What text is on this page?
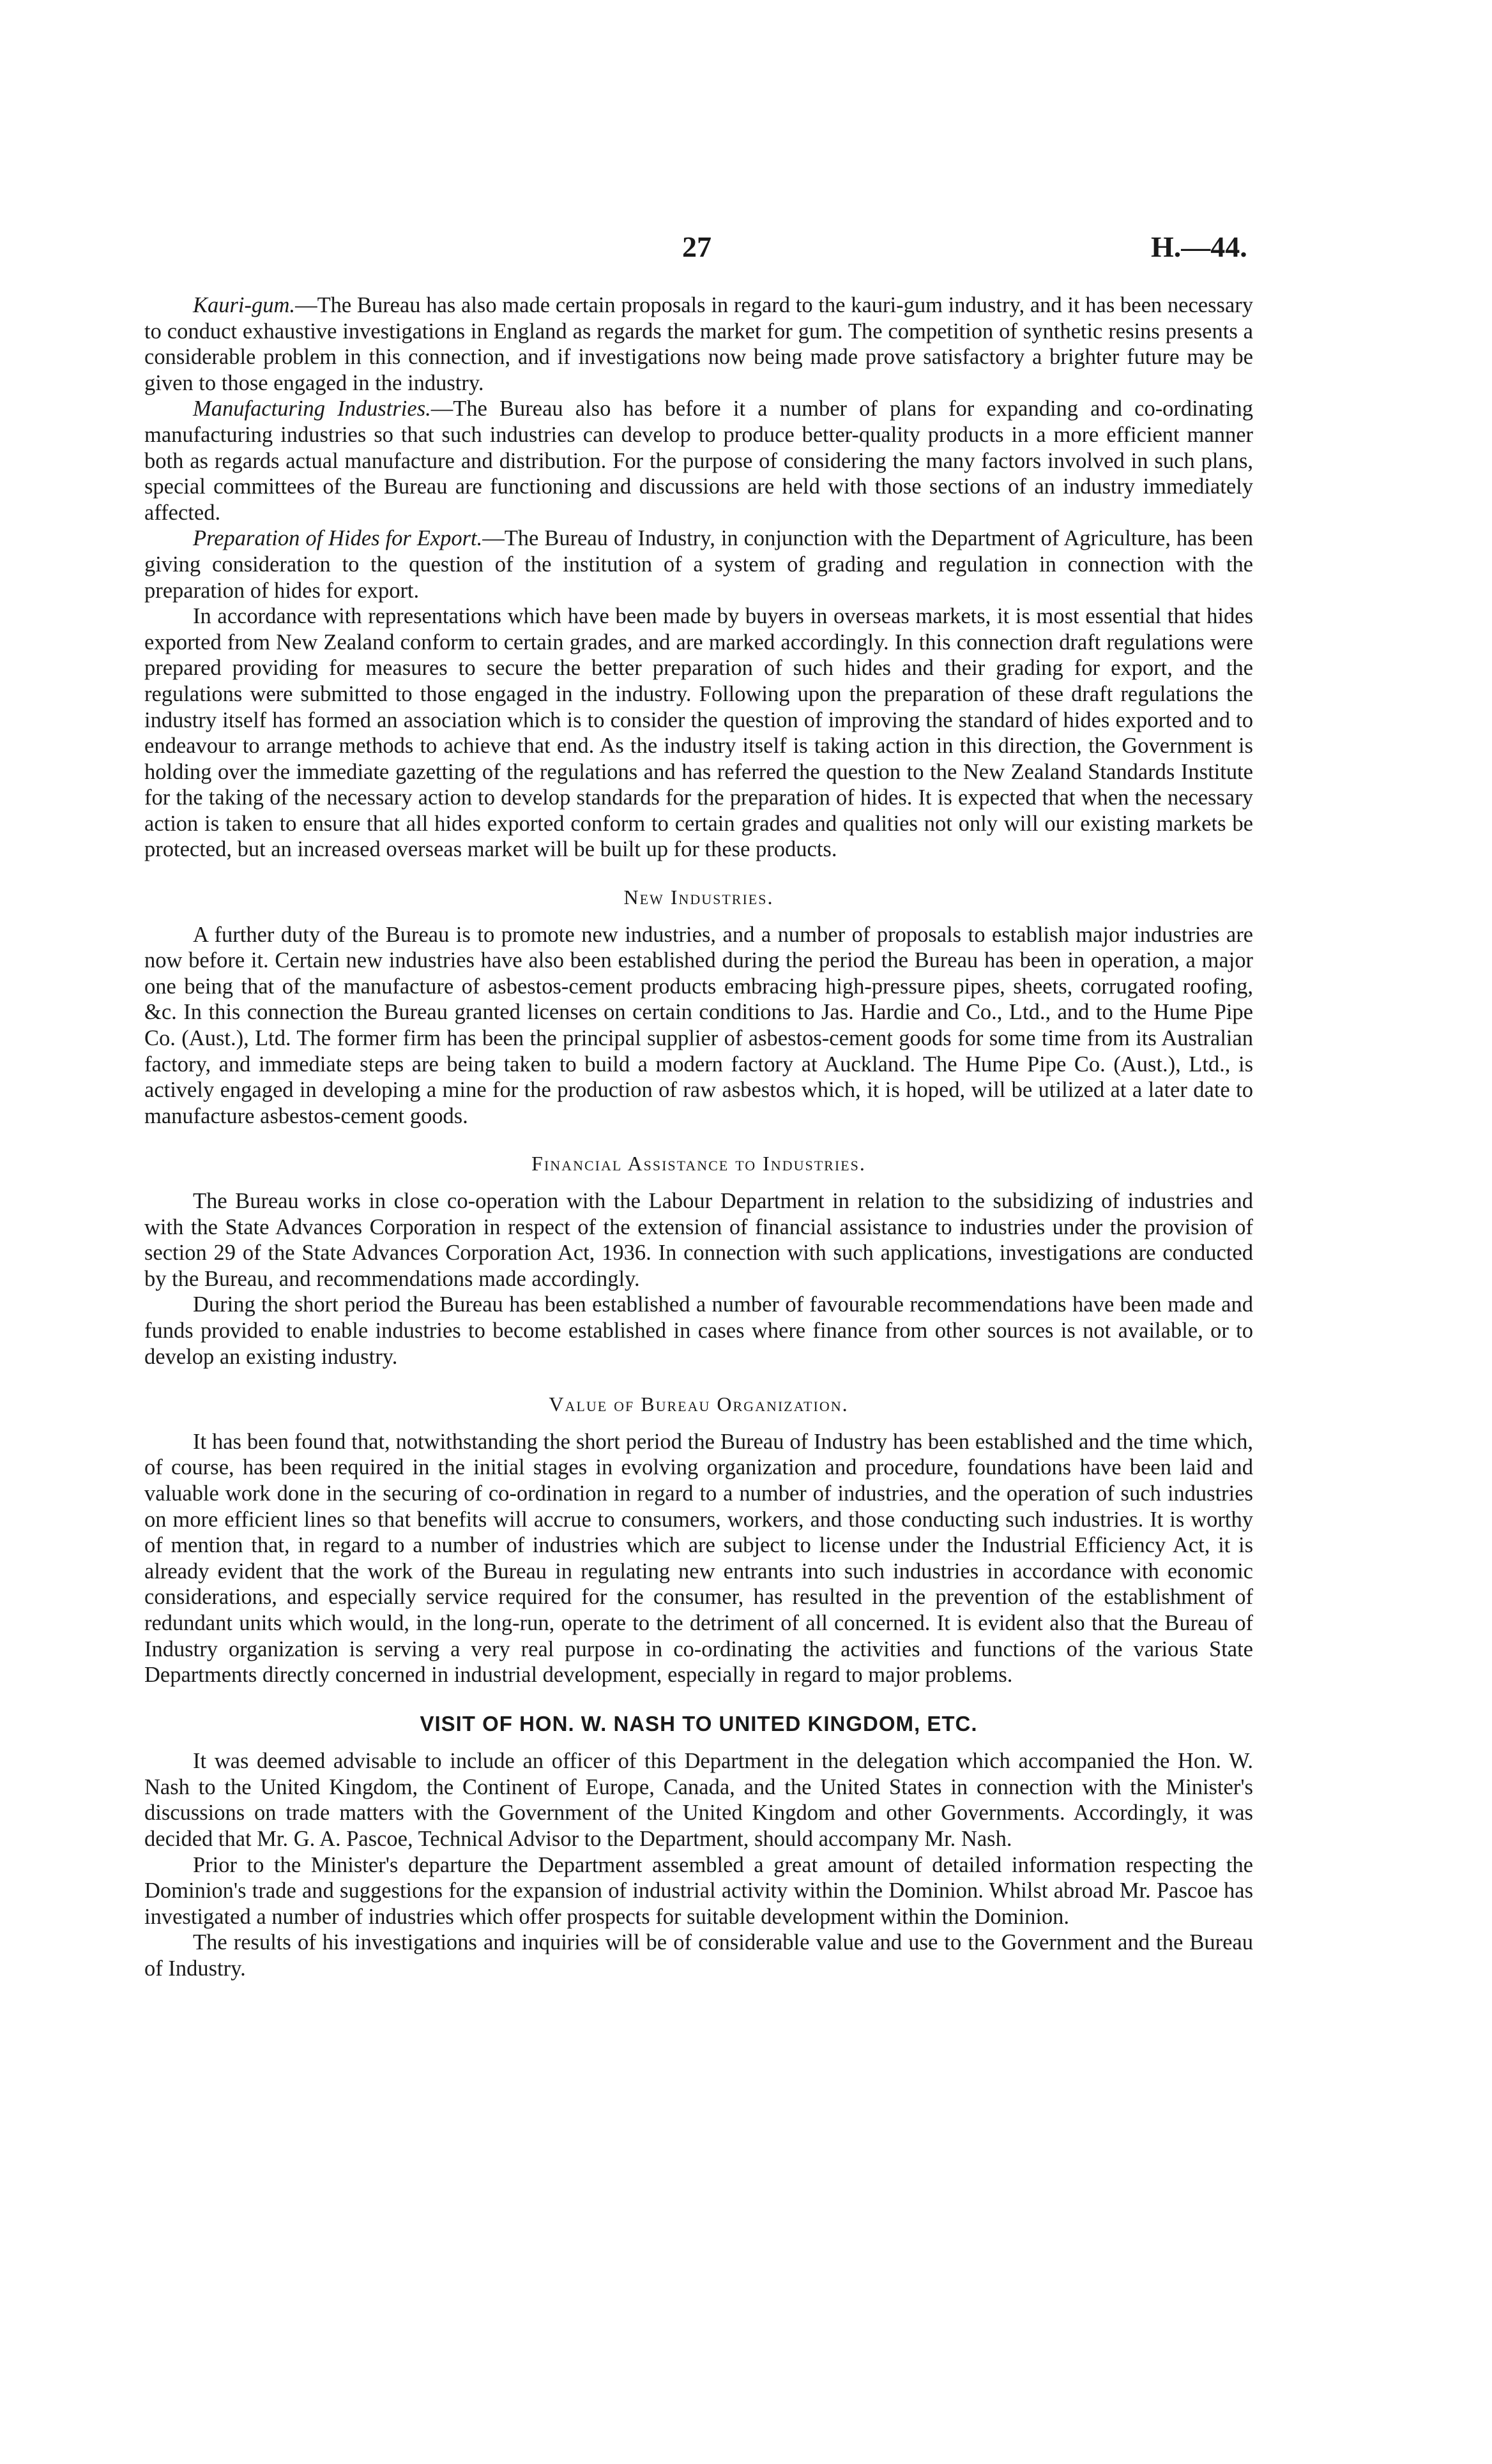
27	H.—44.

Kauri-gum.—The Bureau has also made certain proposals in regard to the kauri-gum industry, and it has been necessary to conduct exhaustive investigations in England as regards the market for gum. The competition of synthetic resins presents a considerable problem in this connection, and if investigations now being made prove satisfactory a brighter future may be given to those engaged in the industry.

Manufacturing Industries.—The Bureau also has before it a number of plans for expanding and co-ordinating manufacturing industries so that such industries can develop to produce better-quality products in a more efficient manner both as regards actual manufacture and distribution. For the purpose of considering the many factors involved in such plans, special committees of the Bureau are functioning and discussions are held with those sections of an industry immediately affected.

Preparation of Hides for Export.—The Bureau of Industry, in conjunction with the Department of Agriculture, has been giving consideration to the question of the institution of a system of grading and regulation in connection with the preparation of hides for export.

In accordance with representations which have been made by buyers in overseas markets, it is most essential that hides exported from New Zealand conform to certain grades, and are marked accordingly. In this connection draft regulations were prepared providing for measures to secure the better preparation of such hides and their grading for export, and the regulations were submitted to those engaged in the industry. Following upon the preparation of these draft regulations the industry itself has formed an association which is to consider the question of improving the standard of hides exported and to endeavour to arrange methods to achieve that end. As the industry itself is taking action in this direction, the Government is holding over the immediate gazetting of the regulations and has referred the question to the New Zealand Standards Institute for the taking of the necessary action to develop standards for the preparation of hides. It is expected that when the necessary action is taken to ensure that all hides exported conform to certain grades and qualities not only will our existing markets be protected, but an increased overseas market will be built up for these products.

New Industries.

A further duty of the Bureau is to promote new industries, and a number of proposals to establish major industries are now before it. Certain new industries have also been established during the period the Bureau has been in operation, a major one being that of the manufacture of asbestos-cement products embracing high-pressure pipes, sheets, corrugated roofing, &c. In this connection the Bureau granted licenses on certain conditions to Jas. Hardie and Co., Ltd., and to the Hume Pipe Co. (Aust.), Ltd. The former firm has been the principal supplier of asbestos-cement goods for some time from its Australian factory, and immediate steps are being taken to build a modern factory at Auckland. The Hume Pipe Co. (Aust.), Ltd., is actively engaged in developing a mine for the production of raw asbestos which, it is hoped, will be utilized at a later date to manufacture asbestos-cement goods.

Financial Assistance to Industries.

The Bureau works in close co-operation with the Labour Department in relation to the subsidizing of industries and with the State Advances Corporation in respect of the extension of financial assistance to industries under the provision of section 29 of the State Advances Corporation Act, 1936. In connection with such applications, investigations are conducted by the Bureau, and recommendations made accordingly.

During the short period the Bureau has been established a number of favourable recommendations have been made and funds provided to enable industries to become established in cases where finance from other sources is not available, or to develop an existing industry.

Value of Bureau Organization.

It has been found that, notwithstanding the short period the Bureau of Industry has been established and the time which, of course, has been required in the initial stages in evolving organization and procedure, foundations have been laid and valuable work done in the securing of co-ordination in regard to a number of industries, and the operation of such industries on more efficient lines so that benefits will accrue to consumers, workers, and those conducting such industries. It is worthy of mention that, in regard to a number of industries which are subject to license under the Industrial Efficiency Act, it is already evident that the work of the Bureau in regulating new entrants into such industries in accordance with economic considerations, and especially service required for the consumer, has resulted in the prevention of the establishment of redundant units which would, in the long-run, operate to the detriment of all concerned. It is evident also that the Bureau of Industry organization is serving a very real purpose in co-ordinating the activities and functions of the various State Departments directly concerned in industrial development, especially in regard to major problems.

VISIT OF HON. W. NASH TO UNITED KINGDOM, ETC.

It was deemed advisable to include an officer of this Department in the delegation which accompanied the Hon. W. Nash to the United Kingdom, the Continent of Europe, Canada, and the United States in connection with the Minister's discussions on trade matters with the Government of the United Kingdom and other Governments. Accordingly, it was decided that Mr. G. A. Pascoe, Technical Advisor to the Department, should accompany Mr. Nash.

Prior to the Minister's departure the Department assembled a great amount of detailed information respecting the Dominion's trade and suggestions for the expansion of industrial activity within the Dominion. Whilst abroad Mr. Pascoe has investigated a number of industries which offer prospects for suitable development within the Dominion.

The results of his investigations and inquiries will be of considerable value and use to the Government and the Bureau of Industry.
